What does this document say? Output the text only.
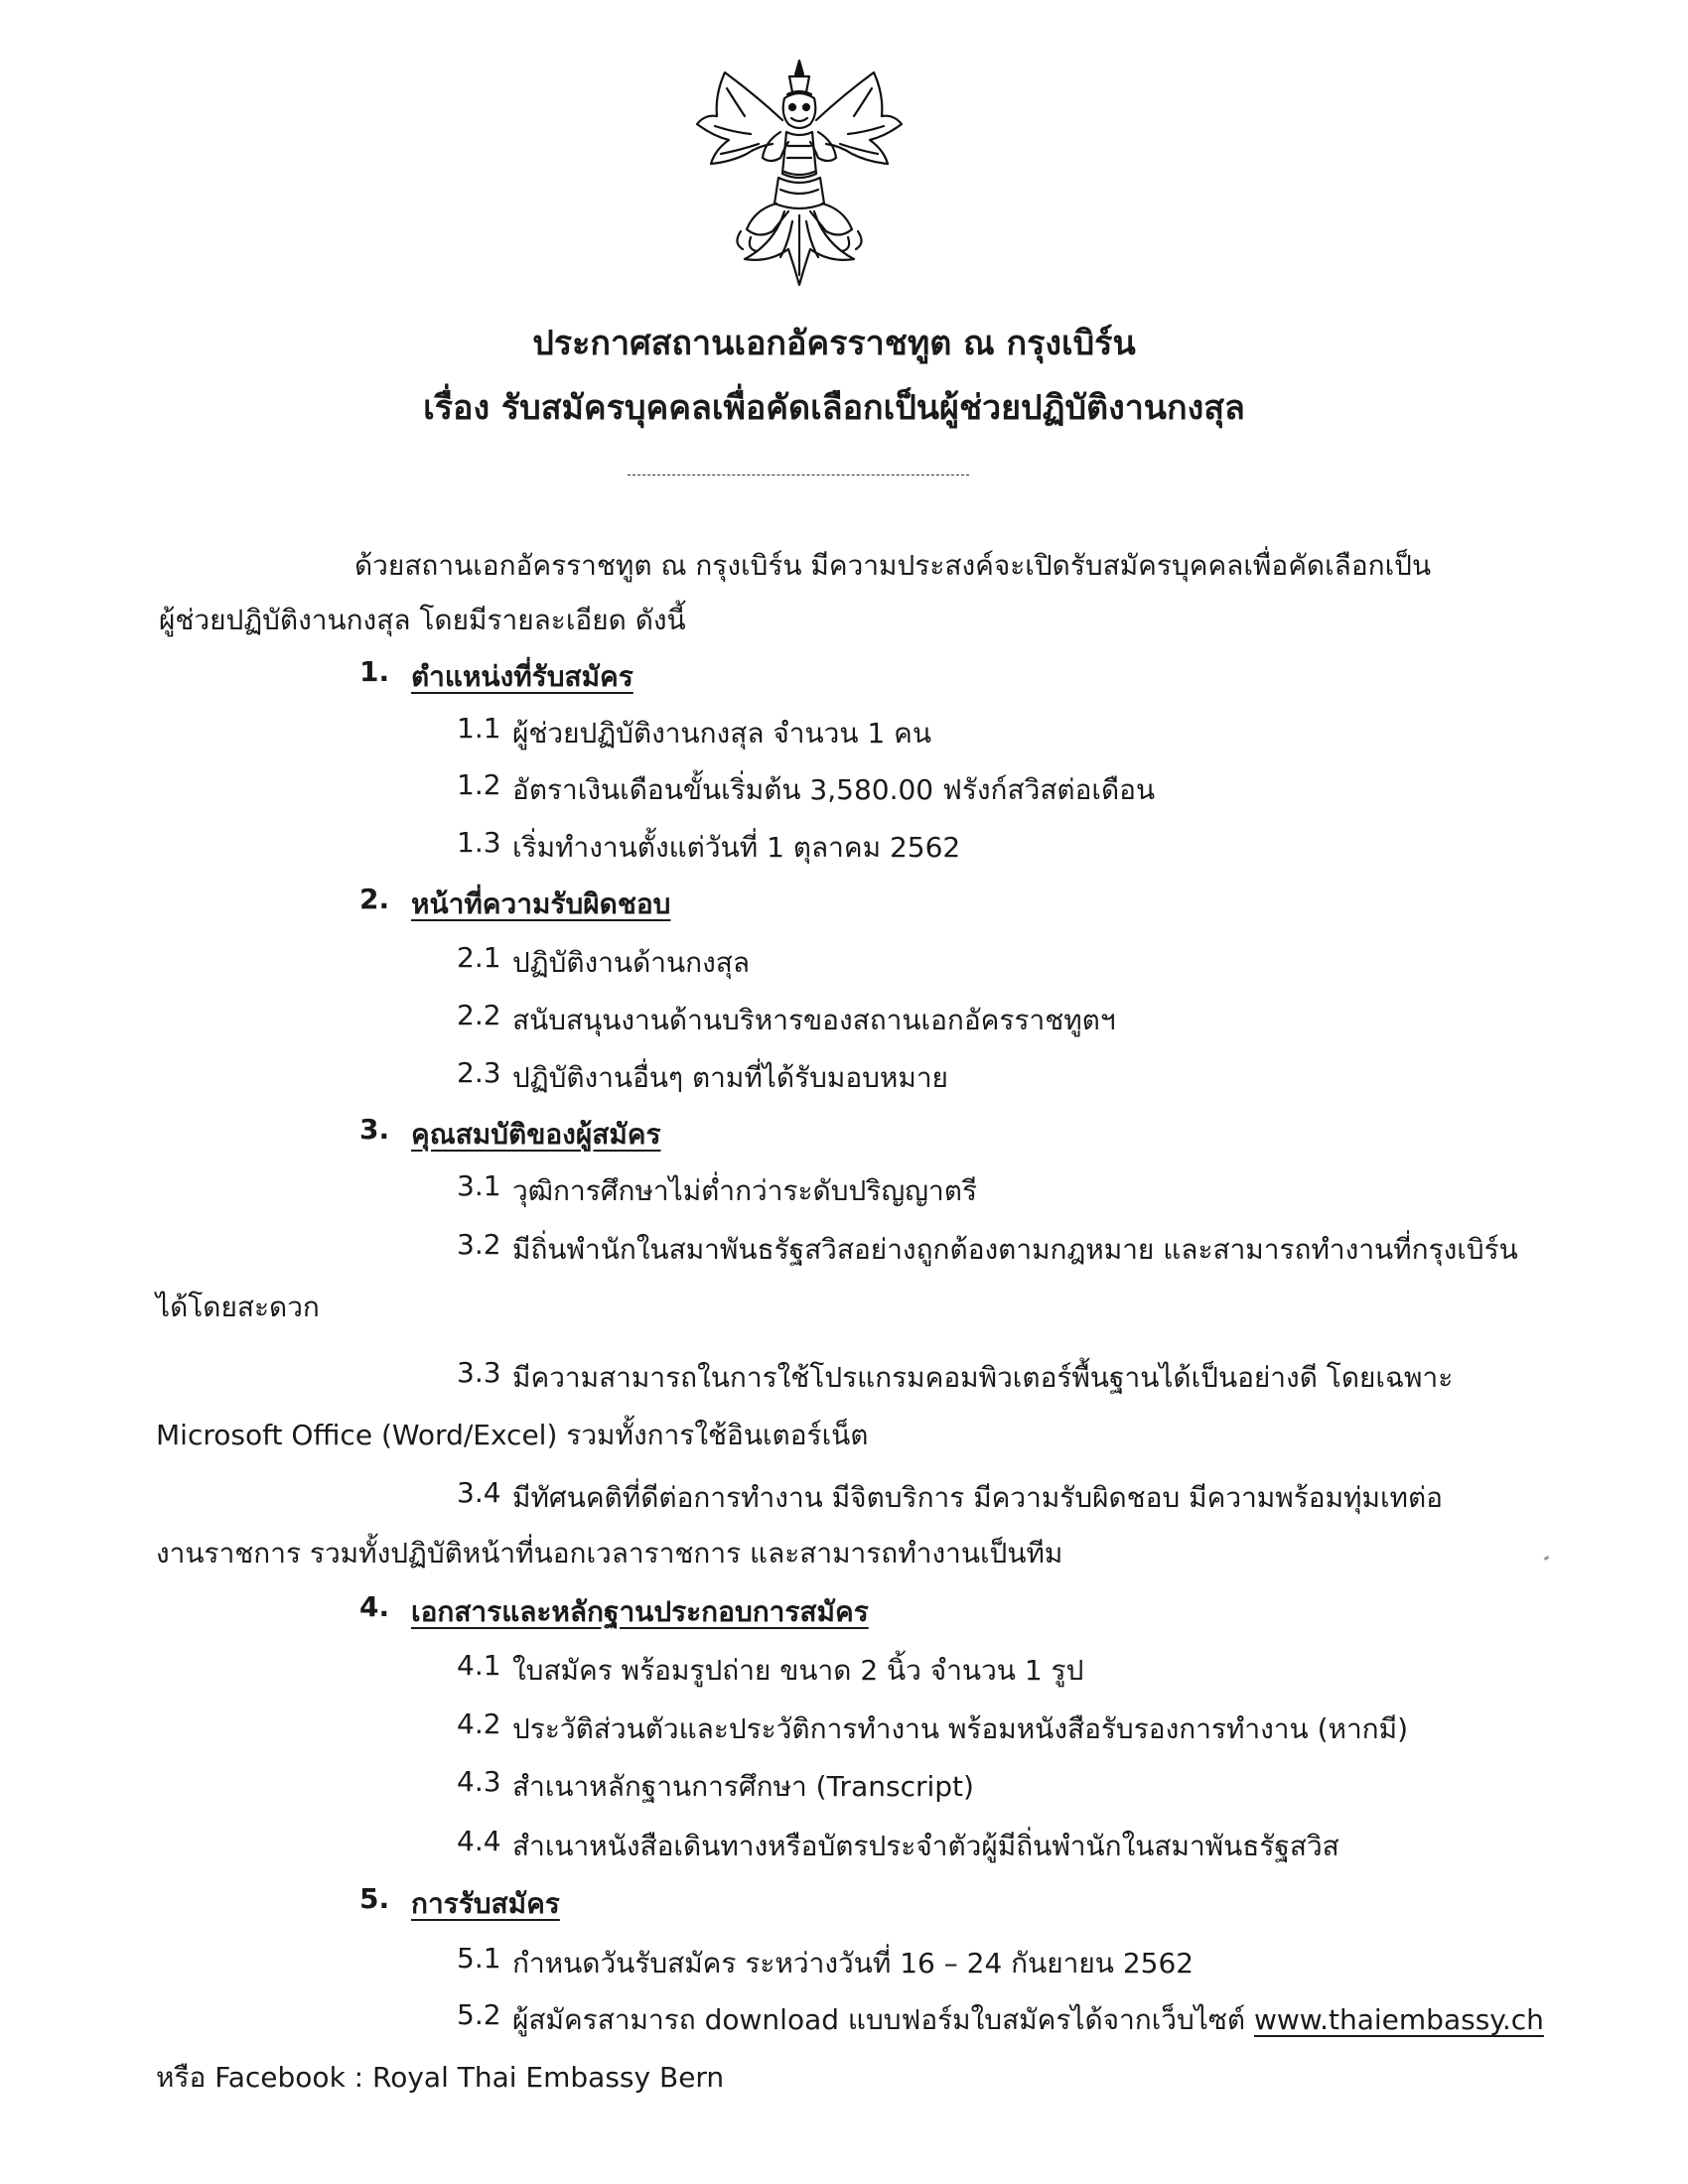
ประกาศสถานเอกอัครราชทูต ณ กรุงเบิร์น
เรื่อง รับสมัครบุคคลเพื่อคัดเลือกเป็นผู้ช่วยปฏิบัติงานกงสุล
ด้วยสถานเอกอัครราชทูต ณ กรุงเบิร์น มีความประสงค์จะเปิดรับสมัครบุคคลเพื่อคัดเลือกเป็น
ผู้ช่วยปฏิบัติงานกงสุล โดยมีรายละเอียด ดังนี้
1. ตำแหน่งที่รับสมัคร
1.1 ผู้ช่วยปฏิบัติงานกงสุล จำนวน 1 คน
1.2 อัตราเงินเดือนขั้นเริ่มต้น 3,580.00 ฟรังก์สวิสต่อเดือน
1.3 เริ่มทำงานตั้งแต่วันที่ 1 ตุลาคม 2562
2. หน้าที่ความรับผิดชอบ
2.1 ปฏิบัติงานด้านกงสุล
2.2 สนับสนุนงานด้านบริหารของสถานเอกอัครราชทูตฯ
2.3 ปฏิบัติงานอื่นๆ ตามที่ได้รับมอบหมาย
3. คุณสมบัติของผู้สมัคร
3.1 วุฒิการศึกษาไม่ต่ำกว่าระดับปริญญาตรี
3.2 มีถิ่นพำนักในสมาพันธรัฐสวิสอย่างถูกต้องตามกฎหมาย และสามารถทำงานที่กรุงเบิร์น
ได้โดยสะดวก
3.3 มีความสามารถในการใช้โปรแกรมคอมพิวเตอร์พื้นฐานได้เป็นอย่างดี โดยเฉพาะ
Microsoft Office (Word/Excel) รวมทั้งการใช้อินเตอร์เน็ต
3.4 มีทัศนคติที่ดีต่อการทำงาน มีจิตบริการ มีความรับผิดชอบ มีความพร้อมทุ่มเทต่อ
งานราชการ รวมทั้งปฏิบัติหน้าที่นอกเวลาราชการ และสามารถทำงานเป็นทีม
4. เอกสารและหลักฐานประกอบการสมัคร
4.1 ใบสมัคร พร้อมรูปถ่าย ขนาด 2 นิ้ว จำนวน 1 รูป
4.2 ประวัติส่วนตัวและประวัติการทำงาน พร้อมหนังสือรับรองการทำงาน (หากมี)
4.3 สำเนาหลักฐานการศึกษา (Transcript)
4.4 สำเนาหนังสือเดินทางหรือบัตรประจำตัวผู้มีถิ่นพำนักในสมาพันธรัฐสวิส
5. การรับสมัคร
5.1 กำหนดวันรับสมัคร ระหว่างวันที่ 16 – 24 กันยายน 2562
5.2 ผู้สมัครสามารถ download แบบฟอร์มใบสมัครได้จากเว็บไซต์ www.thaiembassy.ch
หรือ Facebook : Royal Thai Embassy Bern
